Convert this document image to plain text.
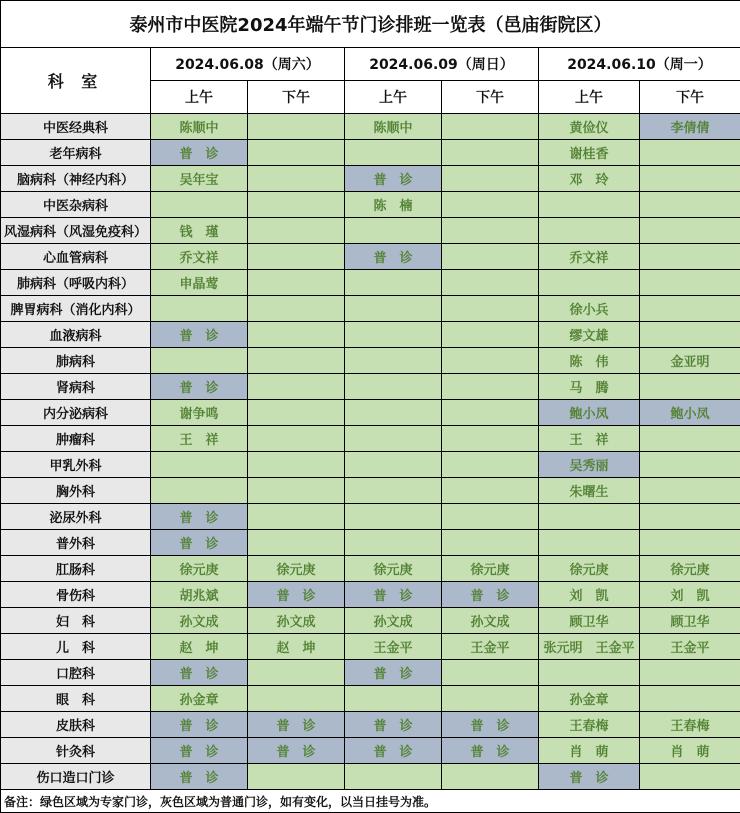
泰州市中医院2024年端午节门诊排班一览表（邑庙街院区）						
科 室	2024.06.08（周六）		2024.06.09（周日）		2024.06.10（周一）	
	上午	下午	上午	下午	上午	下午
中医经典科	陈顺中		陈顺中		黄俭仪	李倩倩
老年病科	普　诊				谢桂香	
脑病科（神经内科）	吴年宝		普　诊		邓　玲	
中医杂病科			陈　楠			
风湿病科（风湿免疫科）	钱　瑾					
心血管病科	乔文祥		普　诊		乔文祥	
肺病科（呼吸内科）	申晶莺					
脾胃病科（消化内科）					徐小兵	
血液病科	普　诊				缪文雄	
肺病科					陈　伟	金亚明
肾病科	普　诊				马　腾	
内分泌病科	谢争鸣				鲍小凤	鲍小凤
肿瘤科	王　祥				王　祥	
甲乳外科					吴秀丽	
胸外科					朱曙生	
泌尿外科	普　诊					
普外科	普　诊					
肛肠科	徐元庚	徐元庚	徐元庚	徐元庚	徐元庚	徐元庚
骨伤科	胡兆斌	普　诊	普　诊	普　诊	刘　凯	刘　凯
妇　科	孙文成	孙文成	孙文成	孙文成	顾卫华	顾卫华
儿　科	赵　坤	赵　坤	王金平	王金平	张元明　王金平	王金平
口腔科	普　诊		普　诊			
眼　科	孙金章				孙金章	
皮肤科	普　诊	普　诊	普　诊	普　诊	王春梅	王春梅
针灸科	普　诊	普　诊	普　诊	普　诊	肖　萌	肖　萌
伤口造口门诊	普　诊				普　诊	
备注：绿色区域为专家门诊，灰色区域为普通门诊，如有变化，以当日挂号为准。						
